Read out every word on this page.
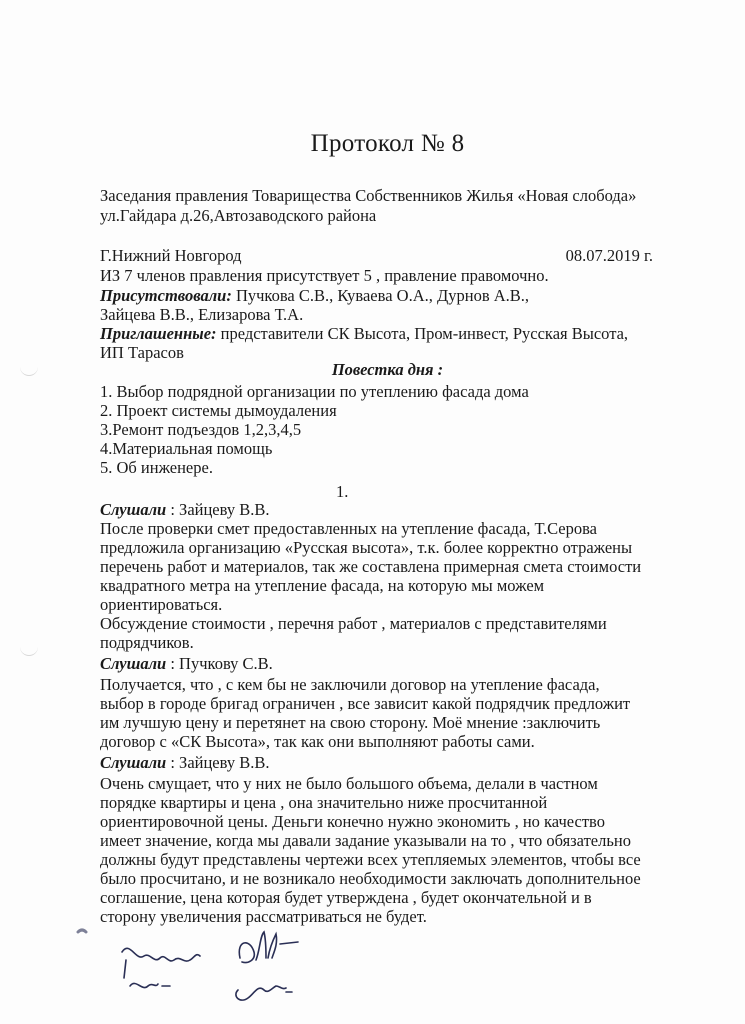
Протокол № 8
Заседания правления Товарищества Собственников Жилья «Новая слобода»
ул.Гайдара д.26,Автозаводского района
Г.Нижний Новгород	08.07.2019 г.
ИЗ 7 членов правления присутствует 5 , правление правомочно.
Присутствовали: Пучкова С.В., Куваева О.А., Дурнов А.В.,
Зайцева В.В., Елизарова Т.А.
Приглашенные: представители СК Высота, Пром-инвест, Русская Высота,
ИП Тарасов
Повестка дня :
1. Выбор подрядной организации по утеплению фасада дома
2. Проект системы дымоудаления
3.Ремонт подъездов 1,2,3,4,5
4.Материальная помощь
5. Об инженере.
1.
Слушали : Зайцеву В.В.
После проверки смет предоставленных на утепление фасада, Т.Серова
предложила организацию «Русская высота», т.к. более корректно отражены
перечень работ и материалов, так же составлена примерная смета стоимости
квадратного метра на утепление фасада, на которую мы можем
ориентироваться.
Обсуждение стоимости , перечня работ , материалов с представителями
подрядчиков.
Слушали : Пучкову С.В.
Получается, что , с кем бы не заключили договор на утепление фасада,
выбор в городе бригад ограничен , все зависит какой подрядчик предложит
им лучшую цену и перетянет на свою сторону. Моё мнение :заключить
договор с «СК Высота», так как они выполняют работы сами.
Слушали : Зайцеву В.В.
Очень смущает, что у них не было большого объема, делали в частном
порядке квартиры и цена , она значительно ниже просчитанной
ориентировочной цены. Деньги конечно нужно экономить , но качество
имеет значение, когда мы давали задание указывали на то , что обязательно
должны будут представлены чертежи всех утепляемых элементов, чтобы все
было просчитано, и не возникало необходимости заключать дополнительное
соглашение, цена которая будет утверждена , будет окончательной и в
сторону увеличения рассматриваться не будет.
